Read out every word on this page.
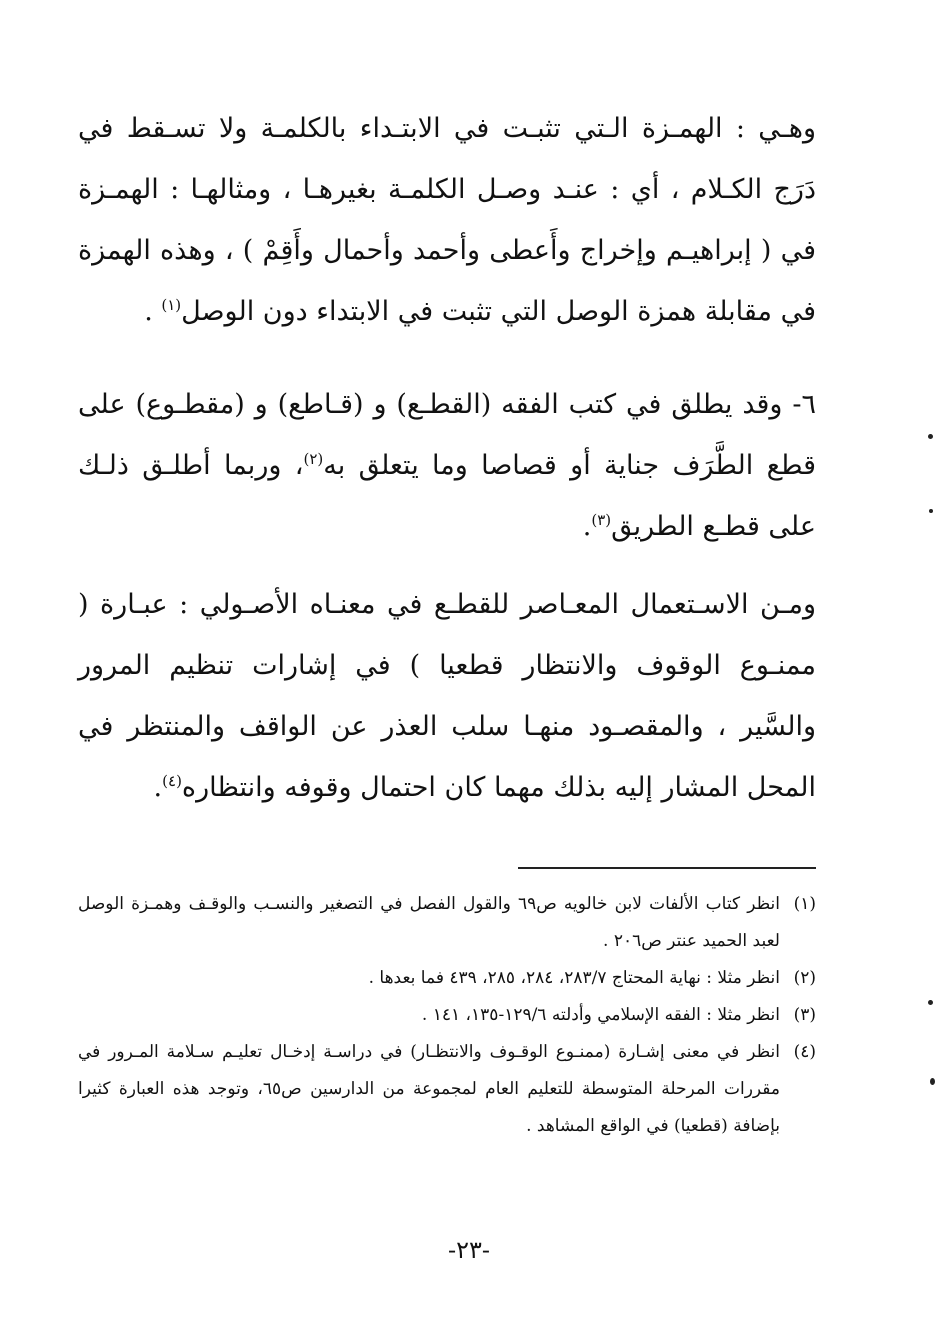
وهـي : الهمـزة الـتي تثبـت في الابتـداء بالكلمـة ولا تسـقط في دَرَج الكـلام ، أي : عنـد وصـل الكلمـة بغيرهـا ، ومثالهـا : الهمـزة في ( إبراهيـم وإخراج وأَعطى وأحمد وأحمال وأَقِمْ ) ، وهذه الهمزة في مقابلة همزة الوصل التي تثبت في الابتداء دون الوصل$^{(١)}$ .

٦- وقد يطلق في كتب الفقه (القطـع) و (قـاطع) و (مقطـوع) على قطع الطَّرَف جناية أو قصاصا وما يتعلق به$^{(٢)}$، وربما أطلـق ذلـك على قطـع الطريق$^{(٣)}$.

ومـن الاسـتعمال المعـاصر للقطـع في معنـاه الأصـولي : عبـارة ( ممنـوع الوقوف والانتظار قطعيا ) في إشارات تنظيم المرور والسَّير ، والمقصـود منهـا سلب العذر عن الواقف والمنتظر في المحل المشار إليه بذلك مهما كان احتمال وقوفه وانتظاره$^{(٤)}$.

(١)
انظر كتاب الألفات لابن خالويه ص٦٩ والقول الفصل في التصغير والنسـب والوقـف وهمـزة الوصل لعبد الحميد عنتر ص٢٠٦ .

(٢)
انظر مثلا : نهاية المحتاج ٢٨٣/٧، ٢٨٤، ٢٨٥، ٤٣٩ فما بعدها .

(٣)
انظر مثلا : الفقه الإسلامي وأدلته ١٢٩/٦-١٣٥، ١٤١ .

(٤)
انظر في معنى إشـارة (ممنـوع الوقـوف والانتظـار) في دراسـة إدخـال تعليـم سـلامة المـرور في مقررات المرحلة المتوسطة للتعليم العام لمجموعة من الدارسين ص٦٥، وتوجد هذه العبارة كثيرا بإضافة (قطعيا) في الواقع المشاهد .

-٢٣-
